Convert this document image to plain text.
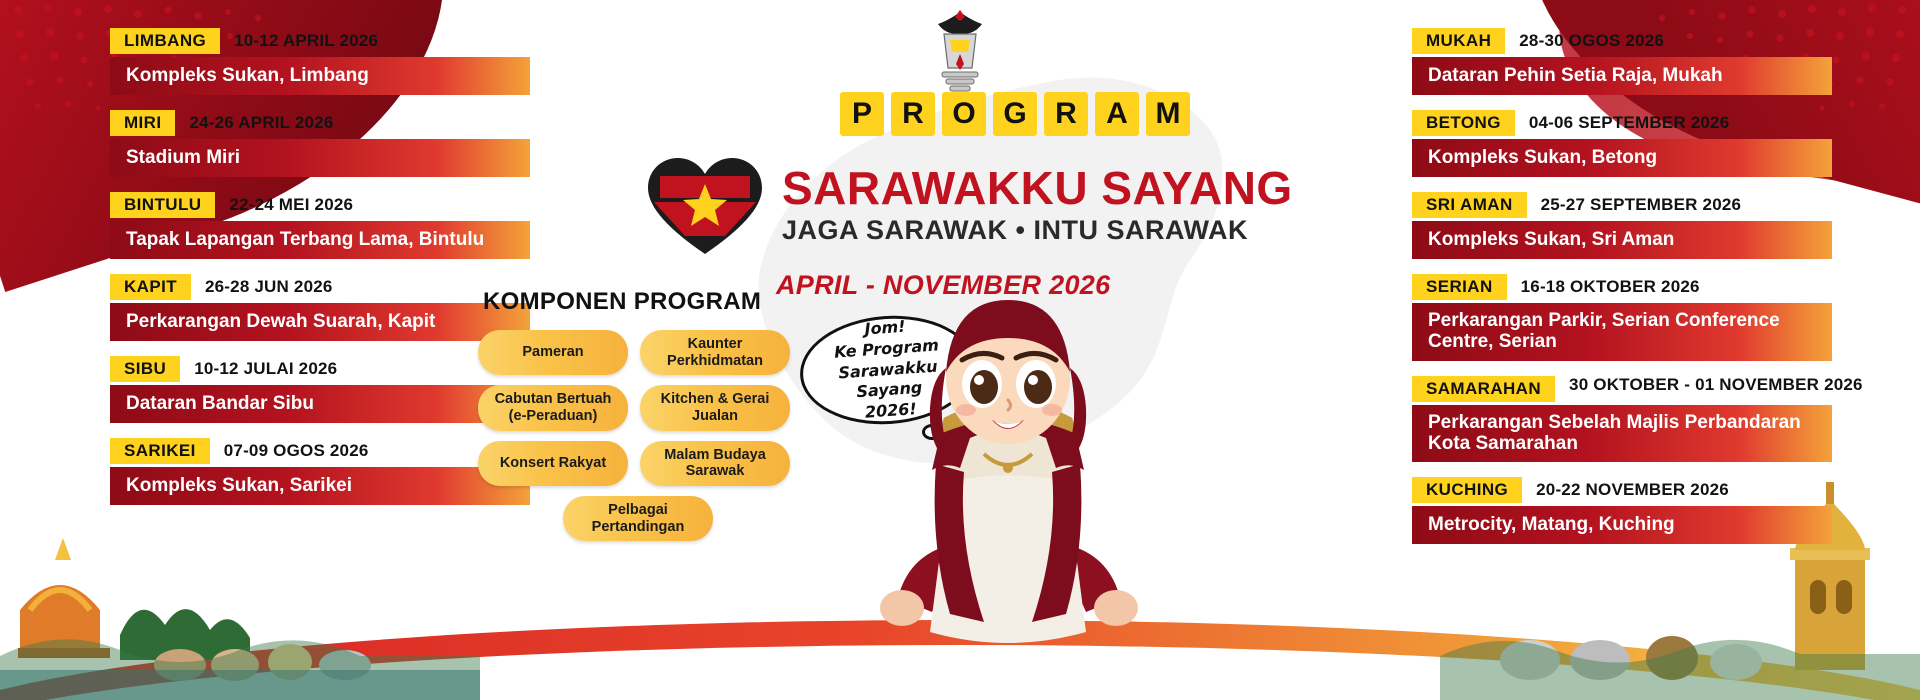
LIMBANG	10-12 APRIL 2026
Kompleks Sukan, Limbang
MIRI	24-26 APRIL 2026
Stadium Miri
BINTULU	22-24 MEI 2026
Tapak Lapangan Terbang Lama, Bintulu
KAPIT	26-28 JUN 2026
Perkarangan Dewah Suarah, Kapit
SIBU	10-12 JULAI 2026
Dataran Bandar Sibu
SARIKEI	07-09 OGOS 2026
Kompleks Sukan, Sarikei
MUKAH	28-30 OGOS 2026
Dataran Pehin Setia Raja, Mukah
BETONG	04-06 SEPTEMBER 2026
Kompleks Sukan, Betong
SRI AMAN	25-27 SEPTEMBER 2026
Kompleks Sukan, Sri Aman
SERIAN	16-18 OKTOBER 2026
Perkarangan Parkir, Serian Conference Centre, Serian
SAMARAHAN	30 OKTOBER - 01 NOVEMBER 2026
Perkarangan Sebelah Majlis Perbandaran Kota Samarahan
KUCHING	20-22 NOVEMBER 2026
Metrocity, Matang, Kuching
P	R O G R A M
SARAWAKKU SAYANG
JAGA SARAWAK • INTU SARAWAK
APRIL - NOVEMBER 2026
KOMPONEN PROGRAM
Pameran
Kaunter Perkhidmatan
Cabutan Bertuah (e-Peraduan)
Kitchen & Gerai Jualan
Konsert Rakyat
Malam Budaya Sarawak
Pelbagai Pertandingan
Jom!
Ke Program
Sarawakku Sayang
2026!
